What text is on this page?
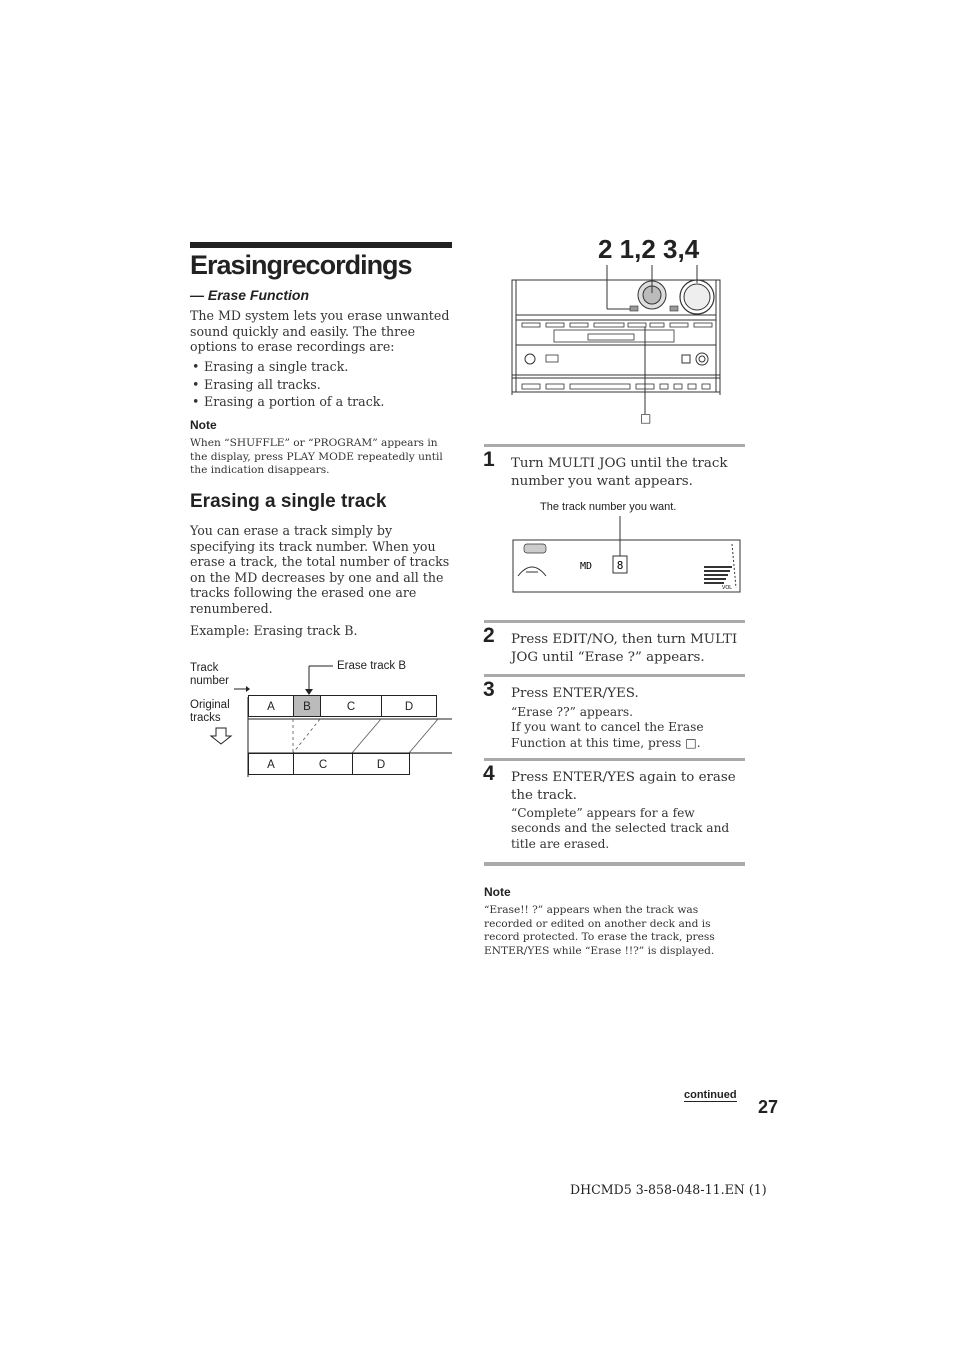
Erasingrecordings
— Erase Function
The MD system lets you erase unwanted sound quickly and easily. The three options to erase recordings are:
• Erasing a single track.
• Erasing all tracks.
• Erasing a portion of a track.
Note
When “SHUFFLE” or “PROGRAM” appears in the display, press PLAY MODE repeatedly until the indication disappears.
Erasing a single track
You can erase a track simply by specifying its track number. When you erase a track, the total number of tracks on the MD decreases by one and all the tracks following the erased one are renumbered.
Example: Erasing track B.
Track number
Erase track B
Original tracks
A	B	C	D
A	C	D
2 1,2 3,4
□
1 Turn MULTI JOG until the track number you want appears.
The track number you want.
8
MD
VOL
2 Press EDIT/NO, then turn MULTI JOG until “Erase ?” appears.
3 Press ENTER/YES.
“Erase ??” appears.
If you want to cancel the Erase Function at this time, press □.
4 Press ENTER/YES again to erase the track.
“Complete” appears for a few seconds and the selected track and title are erased.
Note
“Erase!! ?” appears when the track was recorded or edited on another deck and is record protected. To erase the track, press ENTER/YES while “Erase !!?” is displayed.
continued
27
DHCMD5 3-858-048-11.EN (1)
